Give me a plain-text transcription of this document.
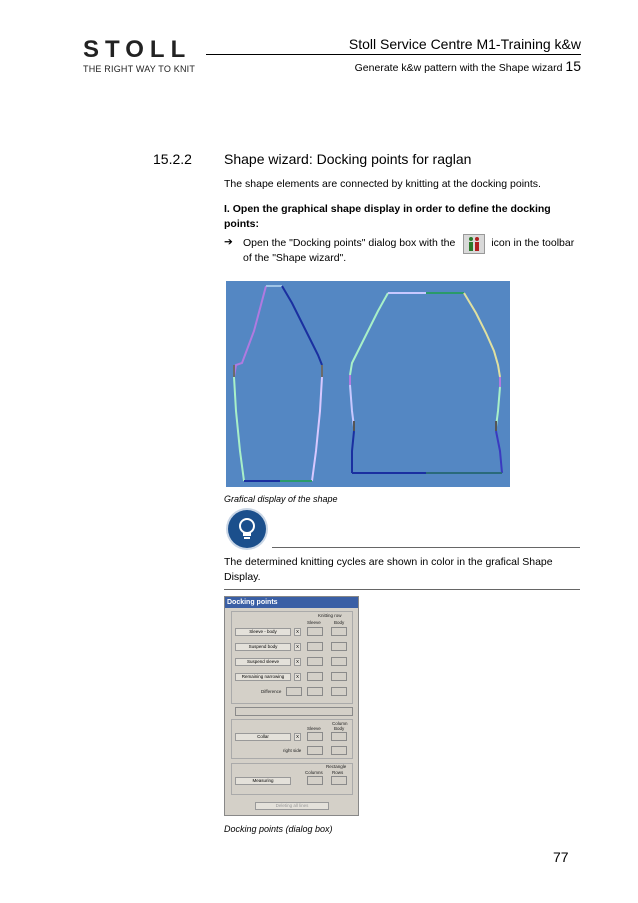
STOLL
THE RIGHT WAY TO KNIT
Stoll Service Centre M1-Training k&w
Generate k&w pattern with the Shape wizard 15
15.2.2 Shape wizard: Docking points for raglan
The shape elements are connected by knitting at the docking points.
I. Open the graphical shape display in order to define the docking points:
➔ Open the "Docking points" dialog box with the	icon in the toolbar
of the "Shape wizard".
Grafical display of the shape
The determined knitting cycles are shown in color in the grafical Shape Display.
Docking points
Knitting row
Sleeve	Body
Sleeve - body	X
Suspend body	X
Suspend sleeve	X
Remaining narrowing	X
Difference
Column
Sleeve	Body
Collar	X
right side
Rectangle
Columns Rows
Measuring
Deleting all lines
Docking points (dialog box)
77
